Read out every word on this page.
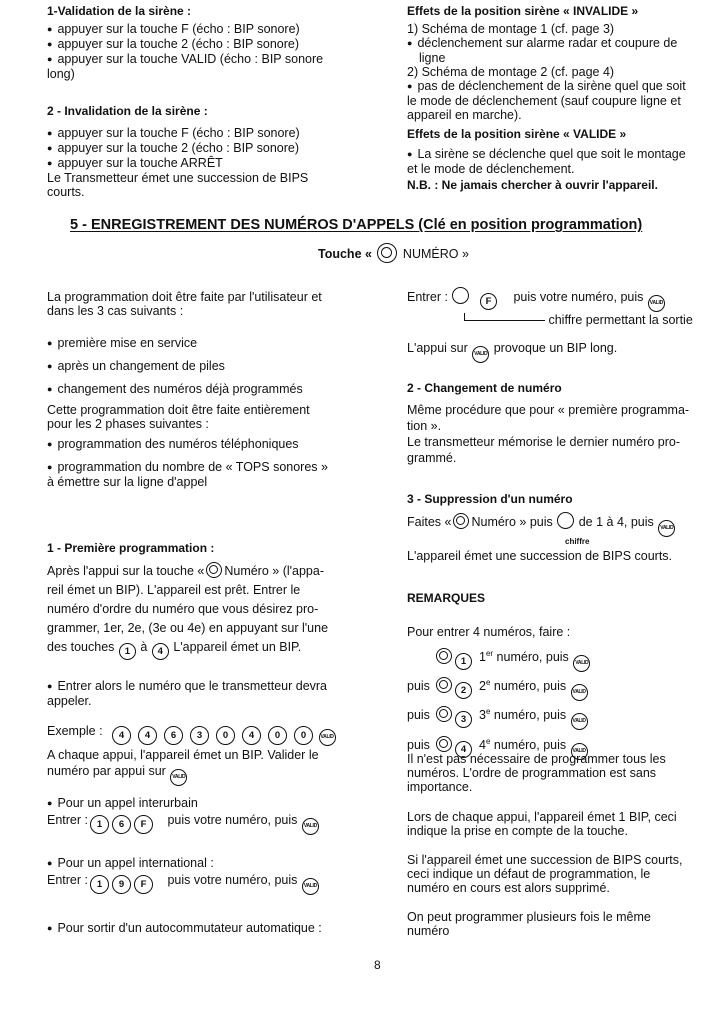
1-Validation de la sirène :
● appuyer sur la touche F (écho : BIP sonore)
● appuyer sur la touche 2 (écho : BIP sonore)
● appuyer sur la touche VALID (écho : BIP sonore
long)
2 - Invalidation de la sirène :
● appuyer sur la touche F (écho : BIP sonore)
● appuyer sur la touche 2 (écho : BIP sonore)
● appuyer sur la touche ARRÊT
Le Transmetteur émet une succession de BIPS
courts.
Effets de la position sirène « INVALIDE »
1) Schéma de montage 1 (cf. page 3)
● déclenchement sur alarme radar et coupure de
ligne
2) Schéma de montage 2 (cf. page 4)
● pas de déclenchement de la sirène quel que soit
le mode de déclenchement (sauf coupure ligne et
appareil en marche).
Effets de la position sirène « VALIDE »
● La sirène se déclenche quel que soit le montage
et le mode de déclenchement.
N.B. : Ne jamais chercher à ouvrir l'appareil.
5 - ENREGISTREMENT DES NUMÉROS D'APPELS (Clé en position programmation)
Touche « NUMÉRO »
La programmation doit être faite par l'utilisateur et
dans les 3 cas suivants :
● première mise en service
● après un changement de piles
● changement des numéros déjà programmés
Cette programmation doit être faite entièrement
pour les 2 phases suivantes :
● programmation des numéros téléphoniques
● programmation du nombre de « TOPS sonores »
à émettre sur la ligne d'appel
1 - Première programmation :
Après l'appui sur la touche « Numéro » (l'appa-
reil émet un BIP). L'appareil est prêt. Entrer le
numéro d'ordre du numéro que vous désirez pro-
grammer, 1er, 2e, (3e ou 4e) en appuyant sur l'une
des touches 1 à 4 L'appareil émet un BIP.
● Entrer alors le numéro que le transmetteur devra
appeler.
Exemple : 4 4 6 3 0 4 0 0	VALID
A chaque appui, l'appareil émet un BIP. Valider le
numéro par appui sur VALID
● Pour un appel interurbain
Entrer : 1 6 F puis votre numéro, puis VALID
● Pour un appel international :
Entrer : 1 9 F puis votre numéro, puis VALID
● Pour sortir d'un autocommutateur automatique :
Entrer :	F puis votre numéro, puis VALID
chiffre permettant la sortie
L'appui sur VALID provoque un BIP long.
2 - Changement de numéro
Même procédure que pour « première programma-
tion ».
Le transmetteur mémorise le dernier numéro pro-
grammé.
3 - Suppression d'un numéro
Faites « Numéro » puis de 1 à 4, puis VALID
chiffre
L'appareil émet une succession de BIPS courts.
REMARQUES
Pour entrer 4 numéros, faire :
1 1er numéro, puis VALID
puis	2 2e numéro, puis VALID
puis	3 3e numéro, puis VALID
puis	4 4e numéro, puis VALID
Il n'est pas nécessaire de programmer tous les
numéros. L'ordre de programmation est sans
importance.
Lors de chaque appui, l'appareil émet 1 BIP, ceci
indique la prise en compte de la touche.
Si l'appareil émet une succession de BIPS courts,
ceci indique un défaut de programmation, le
numéro en cours est alors supprimé.
On peut programmer plusieurs fois le même
numéro
8
